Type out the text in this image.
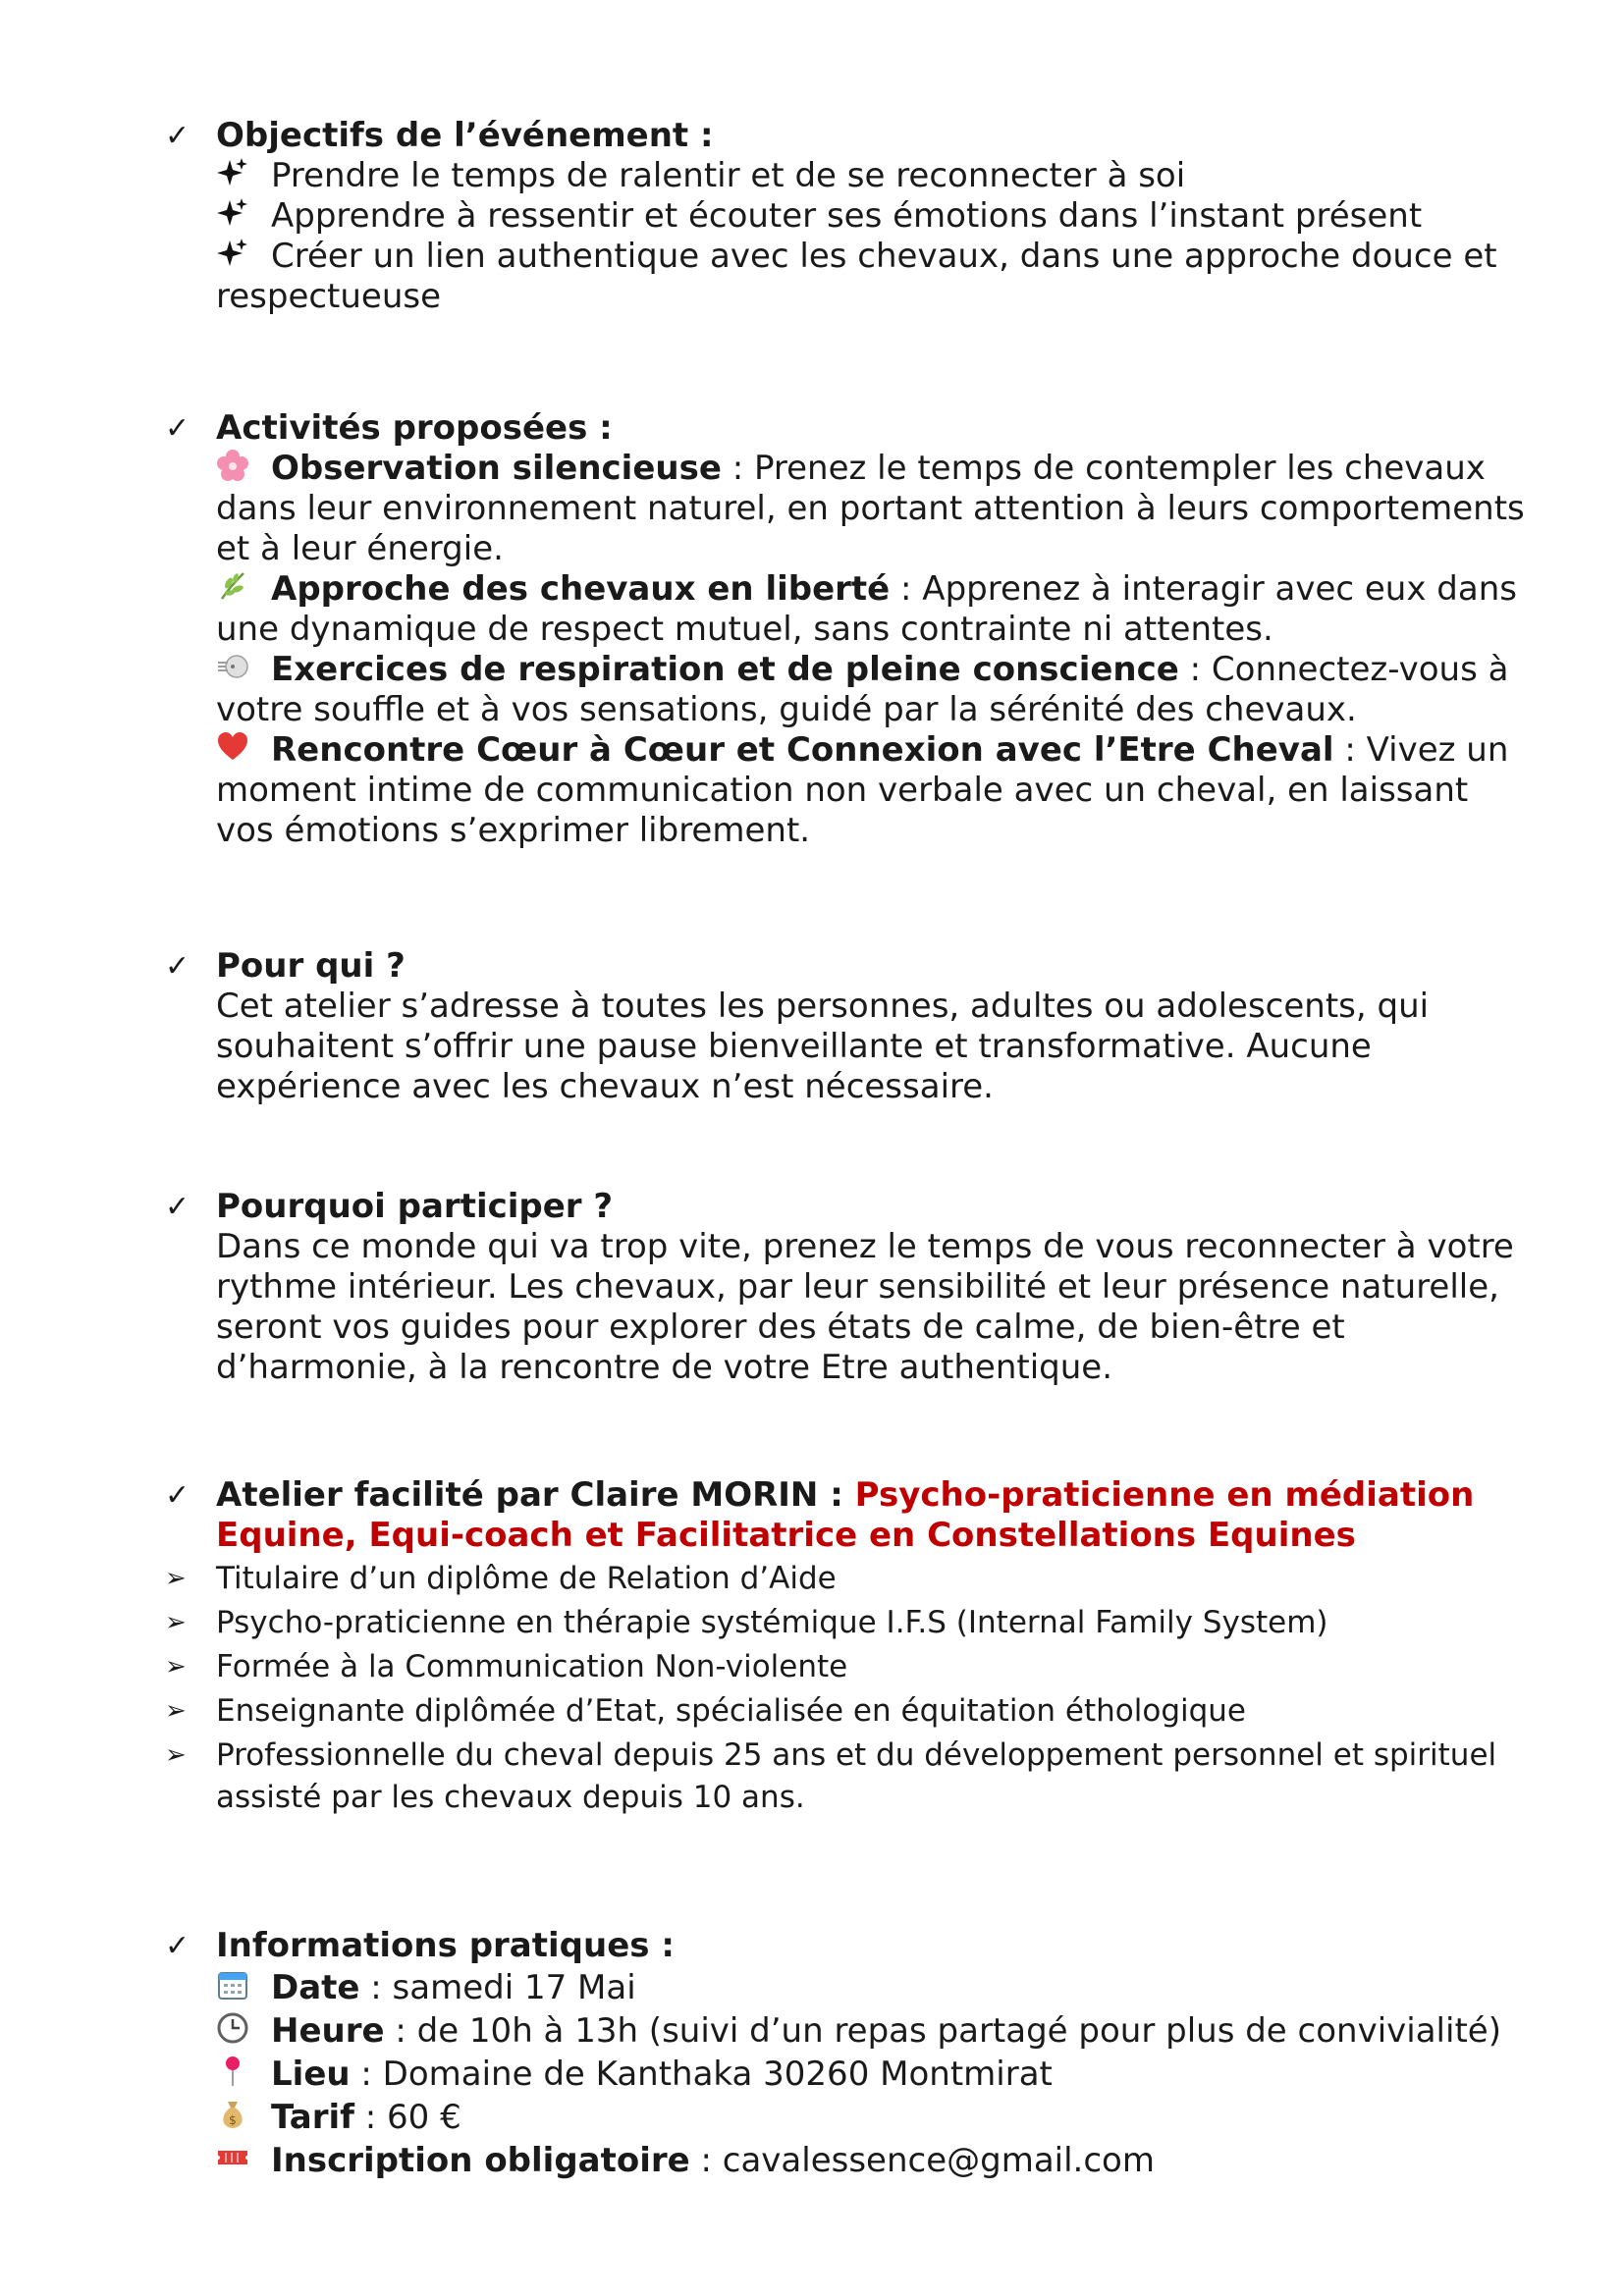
✓ Objectifs de l’événement :
Prendre le temps de ralentir et de se reconnecter à soi
Apprendre à ressentir et écouter ses émotions dans l’instant présent
Créer un lien authentique avec les chevaux, dans une approche douce et respectueuse
✓ Activités proposées :
Observation silencieuse : Prenez le temps de contempler les chevaux dans leur environnement naturel, en portant attention à leurs comportements et à leur énergie.
Approche des chevaux en liberté : Apprenez à interagir avec eux dans une dynamique de respect mutuel, sans contrainte ni attentes.
Exercices de respiration et de pleine conscience : Connectez-vous à votre souffle et à vos sensations, guidé par la sérénité des chevaux.
Rencontre Cœur à Cœur et Connexion avec l’Etre Cheval : Vivez un moment intime de communication non verbale avec un cheval, en laissant vos émotions s’exprimer librement.
✓ Pour qui ?
Cet atelier s’adresse à toutes les personnes, adultes ou adolescents, qui souhaitent s’offrir une pause bienveillante et transformative. Aucune expérience avec les chevaux n’est nécessaire.
✓ Pourquoi participer ?
Dans ce monde qui va trop vite, prenez le temps de vous reconnecter à votre rythme intérieur. Les chevaux, par leur sensibilité et leur présence naturelle, seront vos guides pour explorer des états de calme, de bien-être et d’harmonie, à la rencontre de votre Etre authentique.
✓ Atelier facilité par Claire MORIN : Psycho-praticienne en médiation Equine, Equi-coach et Facilitatrice en Constellations Equines
➢ Titulaire d’un diplôme de Relation d’Aide
➢ Psycho-praticienne en thérapie systémique I.F.S (Internal Family System)
➢ Formée à la Communication Non-violente
➢ Enseignante diplômée d’Etat, spécialisée en équitation éthologique
➢ Professionnelle du cheval depuis 25 ans et du développement personnel et spirituel assisté par les chevaux depuis 10 ans.
✓ Informations pratiques :
Date : samedi 17 Mai
Heure : de 10h à 13h (suivi d’un repas partagé pour plus de convivialité)
Lieu : Domaine de Kanthaka 30260 Montmirat
$ Tarif : 60 €
Inscription obligatoire : cavalessence@gmail.com
